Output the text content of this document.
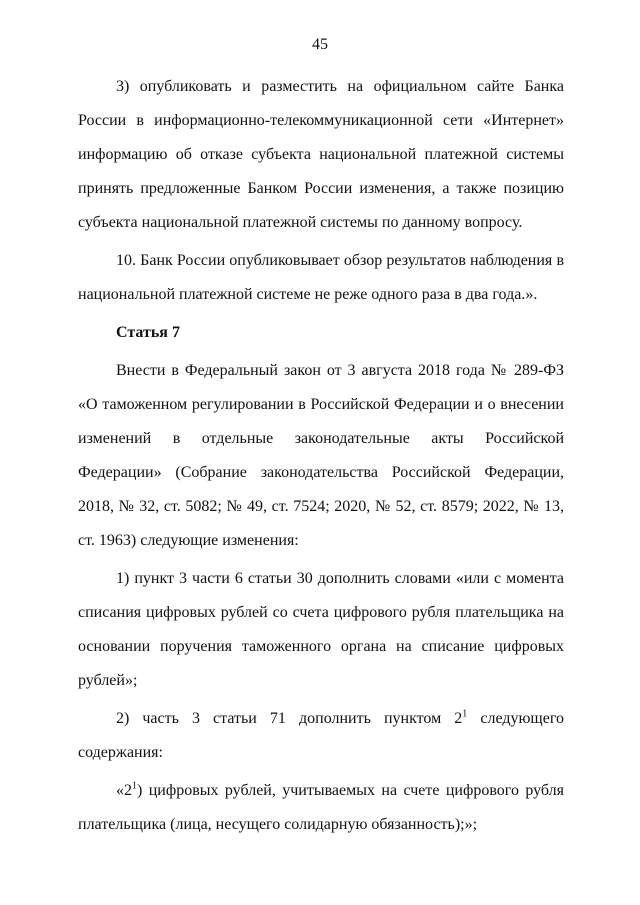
45

3) опубликовать и разместить на официальном сайте Банка России в информационно-телекоммуникационной сети «Интернет» информацию об отказе субъекта национальной платежной системы принять предложенные Банком России изменения, а также позицию субъекта национальной платежной системы по данному вопросу.

10. Банк России опубликовывает обзор результатов наблюдения в национальной платежной системе не реже одного раза в два года.».

Статья 7

Внести в Федеральный закон от 3 августа 2018 года № 289-ФЗ «О таможенном регулировании в Российской Федерации и о внесении изменений в отдельные законодательные акты Российской Федерации» (Собрание законодательства Российской Федерации, 2018, № 32, ст. 5082; № 49, ст. 7524; 2020, № 52, ст. 8579; 2022, № 13, ст. 1963) следующие изменения:

1) пункт 3 части 6 статьи 30 дополнить словами «или с момента списания цифровых рублей со счета цифрового рубля плательщика на основании поручения таможенного органа на списание цифровых рублей»;

2) часть 3 статьи 71 дополнить пунктом $2^1$ следующего содержания:

«$2^1$) цифровых рублей, учитываемых на счете цифрового рубля плательщика (лица, несущего солидарную обязанность);»;
